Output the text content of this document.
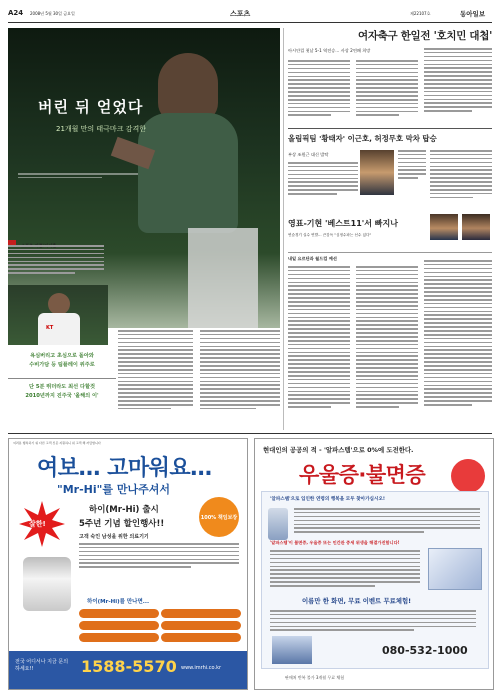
A24 2008년 5월 30일 금요일	스포츠	제22107호	동아일보
버린 뒤 얻었다
21개월 만의 태극마크 감격한
KT
욕심버리고 초심으로 돌아와
수비가담 등 팀플레이 위주로
단 5분 뛰더라도 최선 다할것
2010년까지 진주국 '올해의 이'
여자축구 한일전 '호치민 대첩'
아시안컵 첫날 5-1 역전승… 사상 2연패 희망
올림픽팀 '황태자' 이근호, 허정무호 막차 탑승
부상 조원근 대신 발탁
영표-기현 '베스트11'서 빠지나
연습경기 실수 연발… 큰감독 "심정수파는 선수 있다"
내일 요르단과 월드컵 예선
여러분 행복하기 위 다른 고객 신문 지원하니 위 고객 해 자랑합니다
여보… 고마워요…
"Mr-Hi"를 만나주셔서
잘한!
하이(Mr-Hi) 출시
5주년 기념 할인행사!!
100% 책임보장
고객 숙인 남성을 위한 의료기기
하이(Mr-Hi)를 만나면...
전국 어디서나 지금 문의 하세요!!	1588-5570 www.imrhi.co.kr
현대인의 공공의 적 - '알파스템'으로 0%에 도전한다.
우울증·불면증
'알파스템'으로 입인한 연령의 행복을 모두 찾아가십시오!
'알파스템'이 불면증, 우울증 또는 인간관 증세 위생을 해결가진합니다!
이름만 한 화면, 무료 이벤트 무료체험!
080-532-1000
판매처 반복 불가 3개월 무료 체험
